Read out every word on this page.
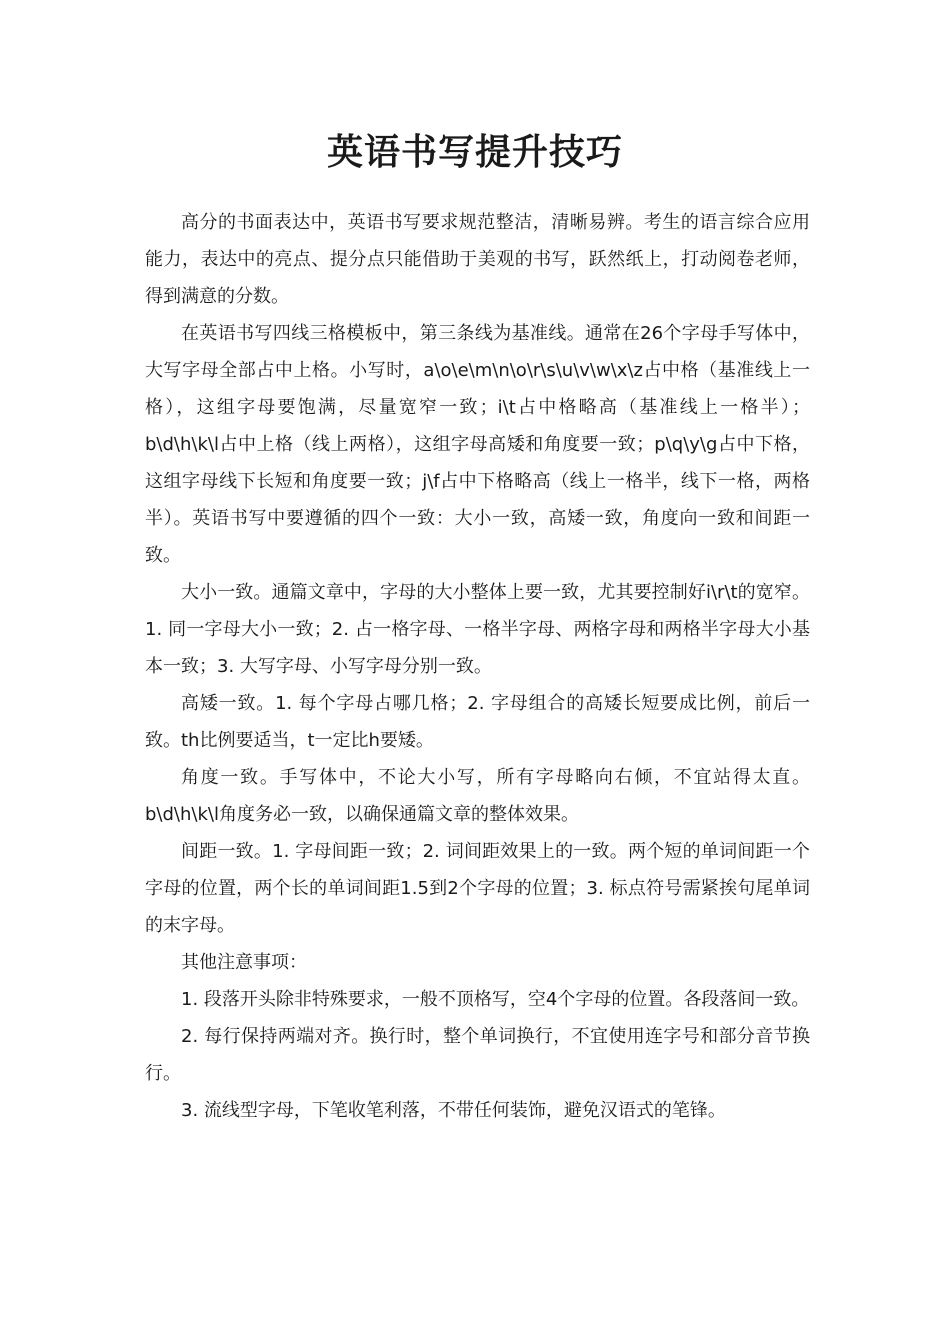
英语书写提升技巧

高分的书面表达中，英语书写要求规范整洁，清晰易辨。考生的语言综合应用能力，表达中的亮点、提分点只能借助于美观的书写，跃然纸上，打动阅卷老师，得到满意的分数。

在英语书写四线三格模板中，第三条线为基准线。通常在26个字母手写体中，大写字母全部占中上格。小写时，a\o\e\m\n\o\r\s\u\v\w\x\z占中格（基准线上一格），这组字母要饱满，尽量宽窄一致；i\t占中格略高（基准线上一格半）；b\d\h\k\l占中上格（线上两格），这组字母高矮和角度要一致；p\q\y\g占中下格，这组字母线下长短和角度要一致；j\f占中下格略高（线上一格半，线下一格，两格半）。英语书写中要遵循的四个一致：大小一致，高矮一致，角度向一致和间距一致。

大小一致。通篇文章中，字母的大小整体上要一致，尤其要控制好i\r\t的宽窄。1. 同一字母大小一致；2. 占一格字母、一格半字母、两格字母和两格半字母大小基本一致；3. 大写字母、小写字母分别一致。

高矮一致。1. 每个字母占哪几格；2. 字母组合的高矮长短要成比例，前后一致。th比例要适当，t一定比h要矮。

角度一致。手写体中，不论大小写，所有字母略向右倾，不宜站得太直。b\d\h\k\l角度务必一致，以确保通篇文章的整体效果。

间距一致。1. 字母间距一致；2. 词间距效果上的一致。两个短的单词间距一个字母的位置，两个长的单词间距1.5到2个字母的位置；3. 标点符号需紧挨句尾单词的末字母。

其他注意事项：

1. 段落开头除非特殊要求，一般不顶格写，空4个字母的位置。各段落间一致。

2. 每行保持两端对齐。换行时，整个单词换行，不宜使用连字号和部分音节换行。

3. 流线型字母，下笔收笔利落，不带任何装饰，避免汉语式的笔锋。
